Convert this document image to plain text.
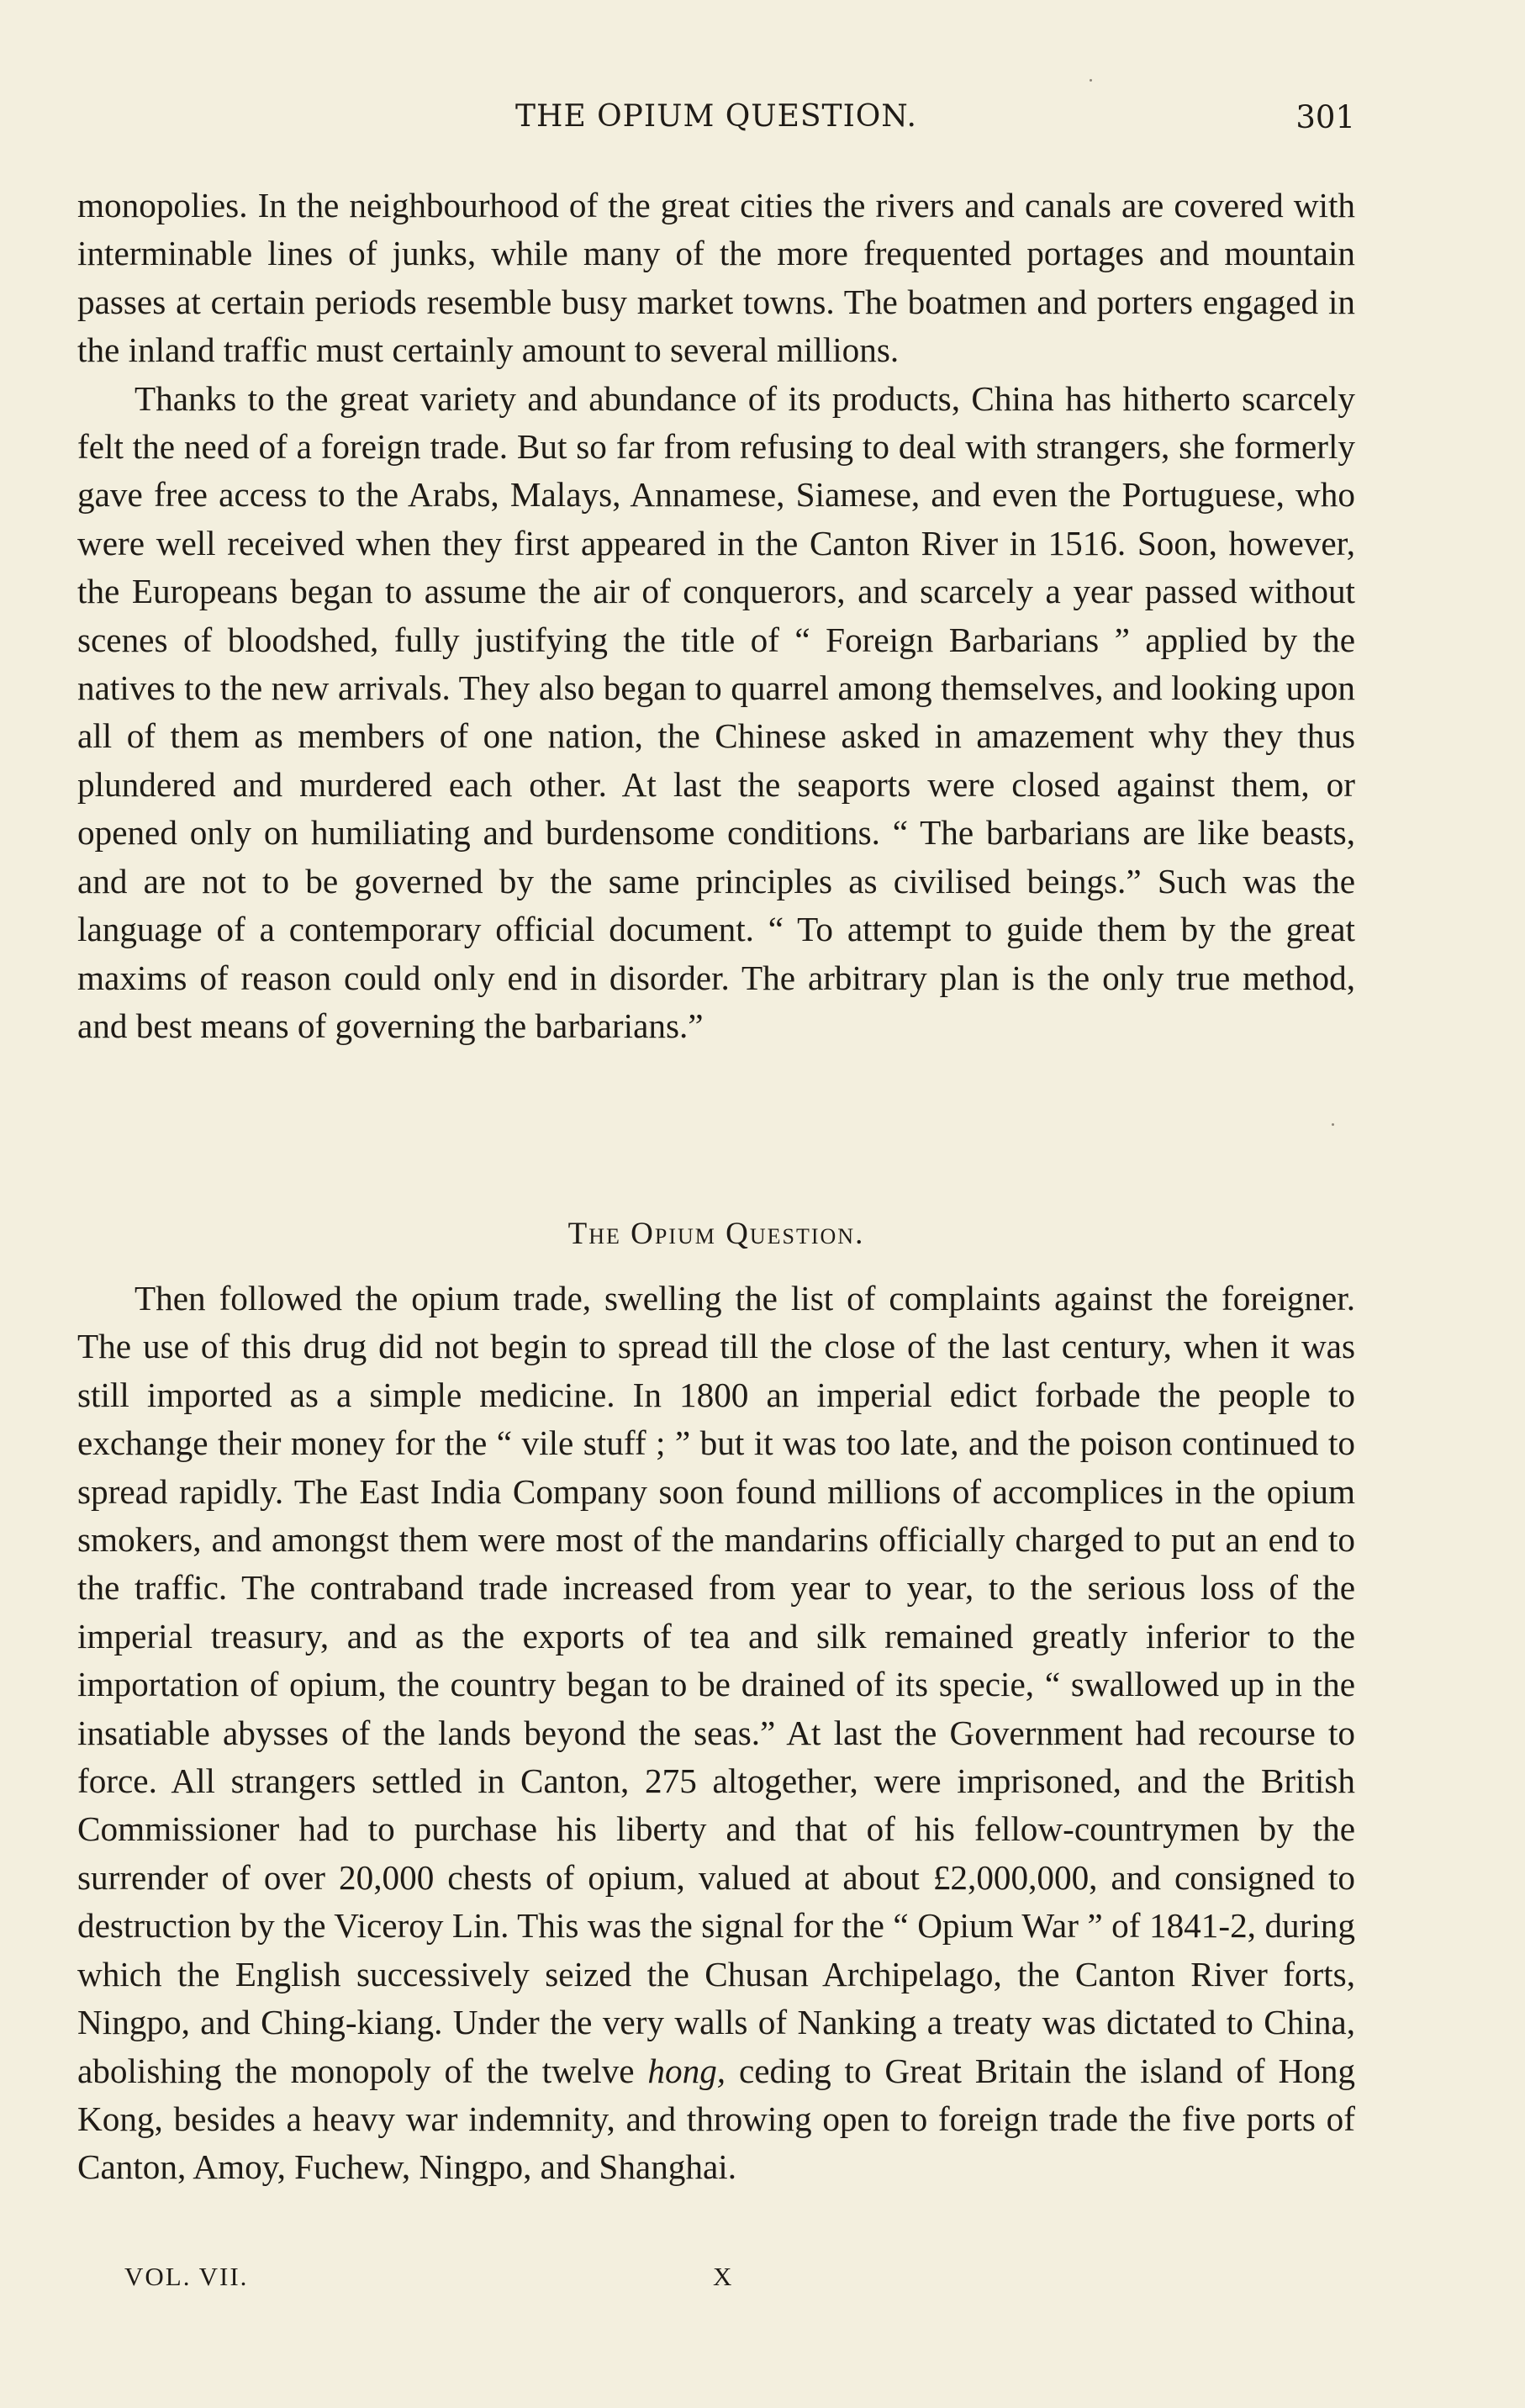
THE OPIUM QUESTION.	301

monopolies. In the neighbourhood of the great cities the rivers and canals are covered with interminable lines of junks, while many of the more frequented portages and mountain passes at certain periods resemble busy market towns. The boatmen and porters engaged in the inland traffic must certainly amount to several millions.

Thanks to the great variety and abundance of its products, China has hitherto scarcely felt the need of a foreign trade. But so far from refusing to deal with strangers, she formerly gave free access to the Arabs, Malays, Annamese, Siamese, and even the Portuguese, who were well received when they first appeared in the Canton River in 1516. Soon, however, the Europeans began to assume the air of conquerors, and scarcely a year passed without scenes of bloodshed, fully justifying the title of “ Foreign Barbarians ” applied by the natives to the new arrivals. They also began to quarrel among themselves, and looking upon all of them as members of one nation, the Chinese asked in amazement why they thus plundered and murdered each other. At last the seaports were closed against them, or opened only on humiliating and burdensome conditions. “ The barbarians are like beasts, and are not to be governed by the same principles as civilised beings.” Such was the language of a contemporary official document. “ To attempt to guide them by the great maxims of reason could only end in disorder. The arbitrary plan is the only true method, and best means of governing the barbarians.”

The Opium Question.

Then followed the opium trade, swelling the list of complaints against the foreigner. The use of this drug did not begin to spread till the close of the last century, when it was still imported as a simple medicine. In 1800 an imperial edict forbade the people to exchange their money for the “ vile stuff ; ” but it was too late, and the poison continued to spread rapidly. The East India Company soon found millions of accomplices in the opium smokers, and amongst them were most of the mandarins officially charged to put an end to the traffic. The contraband trade increased from year to year, to the serious loss of the imperial treasury, and as the exports of tea and silk remained greatly inferior to the importation of opium, the country began to be drained of its specie, “ swallowed up in the insatiable abysses of the lands beyond the seas.” At last the Government had recourse to force. All strangers settled in Canton, 275 altogether, were imprisoned, and the British Commissioner had to purchase his liberty and that of his fellow-countrymen by the surrender of over 20,000 chests of opium, valued at about £2,000,000, and consigned to destruction by the Viceroy Lin. This was the signal for the “ Opium War ” of 1841-2, during which the English successively seized the Chusan Archipelago, the Canton River forts, Ningpo, and Ching-kiang. Under the very walls of Nanking a treaty was dictated to China, abolishing the monopoly of the twelve hong, ceding to Great Britain the island of Hong Kong, besides a heavy war indemnity, and throwing open to foreign trade the five ports of Canton, Amoy, Fuchew, Ningpo, and Shanghai.

VOL. VII.	X
